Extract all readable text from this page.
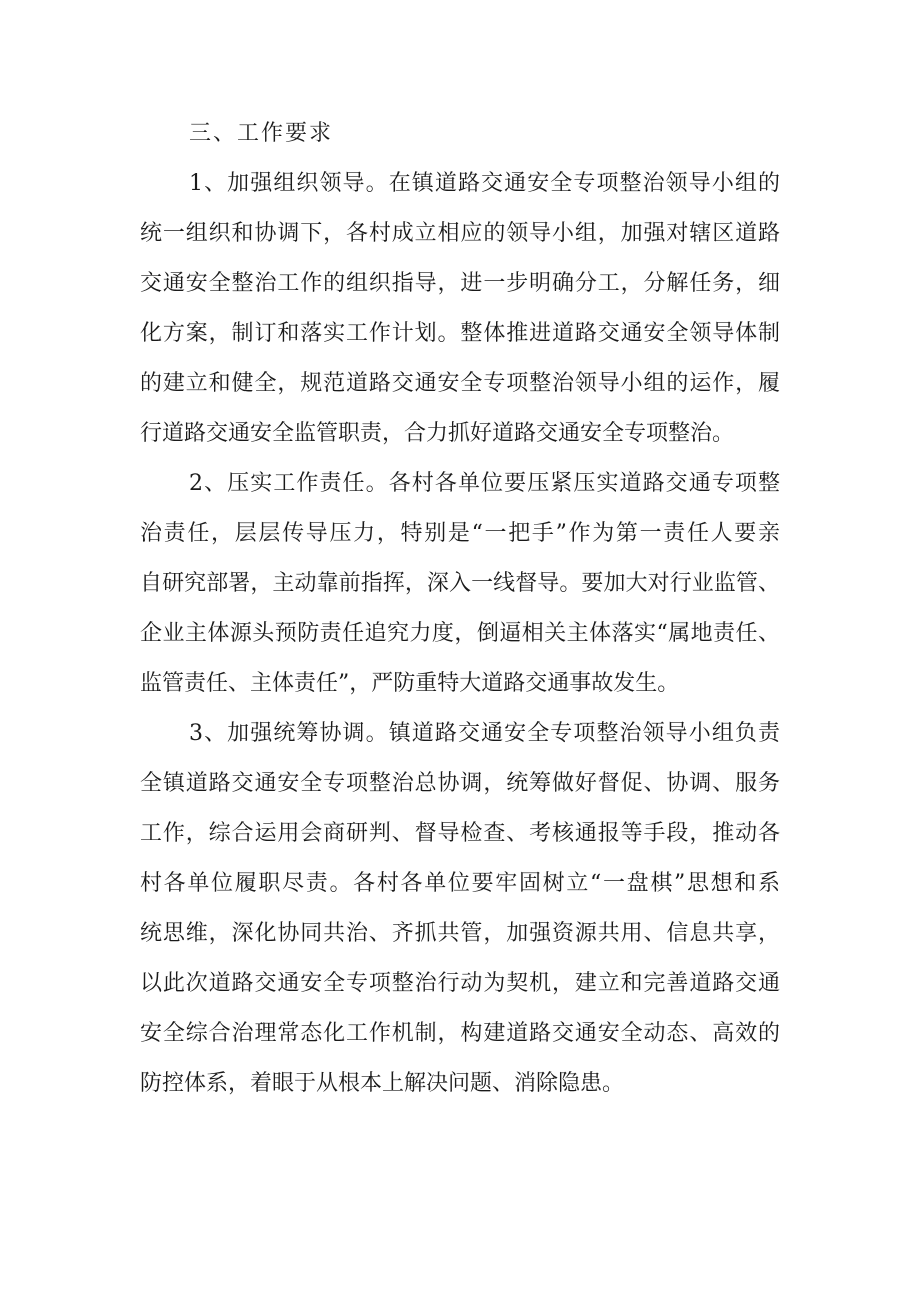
三、工作要求
1、加强组织领导。在镇道路交通安全专项整治领导小组的
统一组织和协调下，各村成立相应的领导小组，加强对辖区道路
交通安全整治工作的组织指导，进一步明确分工，分解任务，细
化方案，制订和落实工作计划。整体推进道路交通安全领导体制
的建立和健全，规范道路交通安全专项整治领导小组的运作，履
行道路交通安全监管职责，合力抓好道路交通安全专项整治。
2、压实工作责任。各村各单位要压紧压实道路交通专项整
治责任，层层传导压力，特别是“一把手”作为第一责任人要亲
自研究部署，主动靠前指挥，深入一线督导。要加大对行业监管、
企业主体源头预防责任追究力度，倒逼相关主体落实“属地责任、
监管责任、主体责任”，严防重特大道路交通事故发生。
3、加强统筹协调。镇道路交通安全专项整治领导小组负责
全镇道路交通安全专项整治总协调，统筹做好督促、协调、服务
工作，综合运用会商研判、督导检查、考核通报等手段，推动各
村各单位履职尽责。各村各单位要牢固树立“一盘棋”思想和系
统思维，深化协同共治、齐抓共管，加强资源共用、信息共享，
以此次道路交通安全专项整治行动为契机，建立和完善道路交通
安全综合治理常态化工作机制，构建道路交通安全动态、高效的
防控体系，着眼于从根本上解决问题、消除隐患。
